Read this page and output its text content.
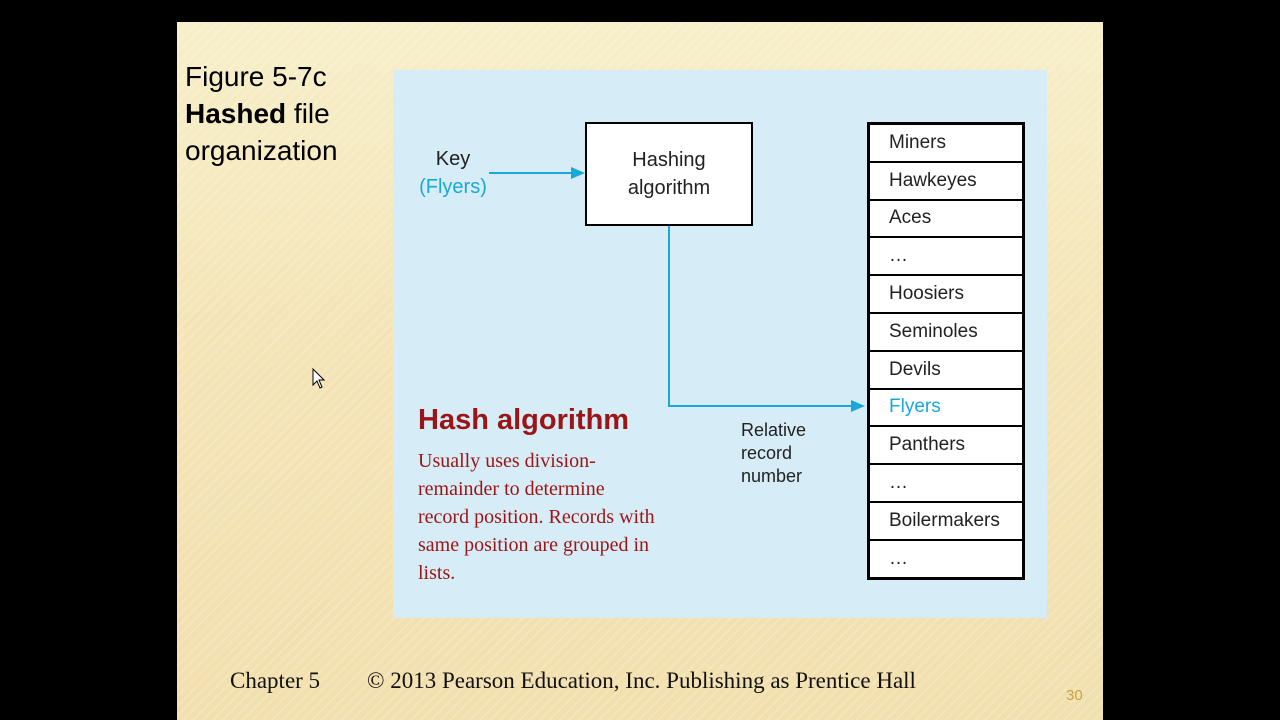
Figure 5-7c
Hashed file
organization	Key
(Flyers)
Hashing
algorithm
Miners
Hawkeyes
Aces
…
Hoosiers
Seminoles
Devils
Flyers
Panthers
…
Boilermakers
…
Relative
record
number
Hash algorithm
Usually uses division-remainder to determine record position. Records with same position are grouped in lists.
Chapter 5 © 2013 Pearson Education, Inc. Publishing as Prentice Hall
30
